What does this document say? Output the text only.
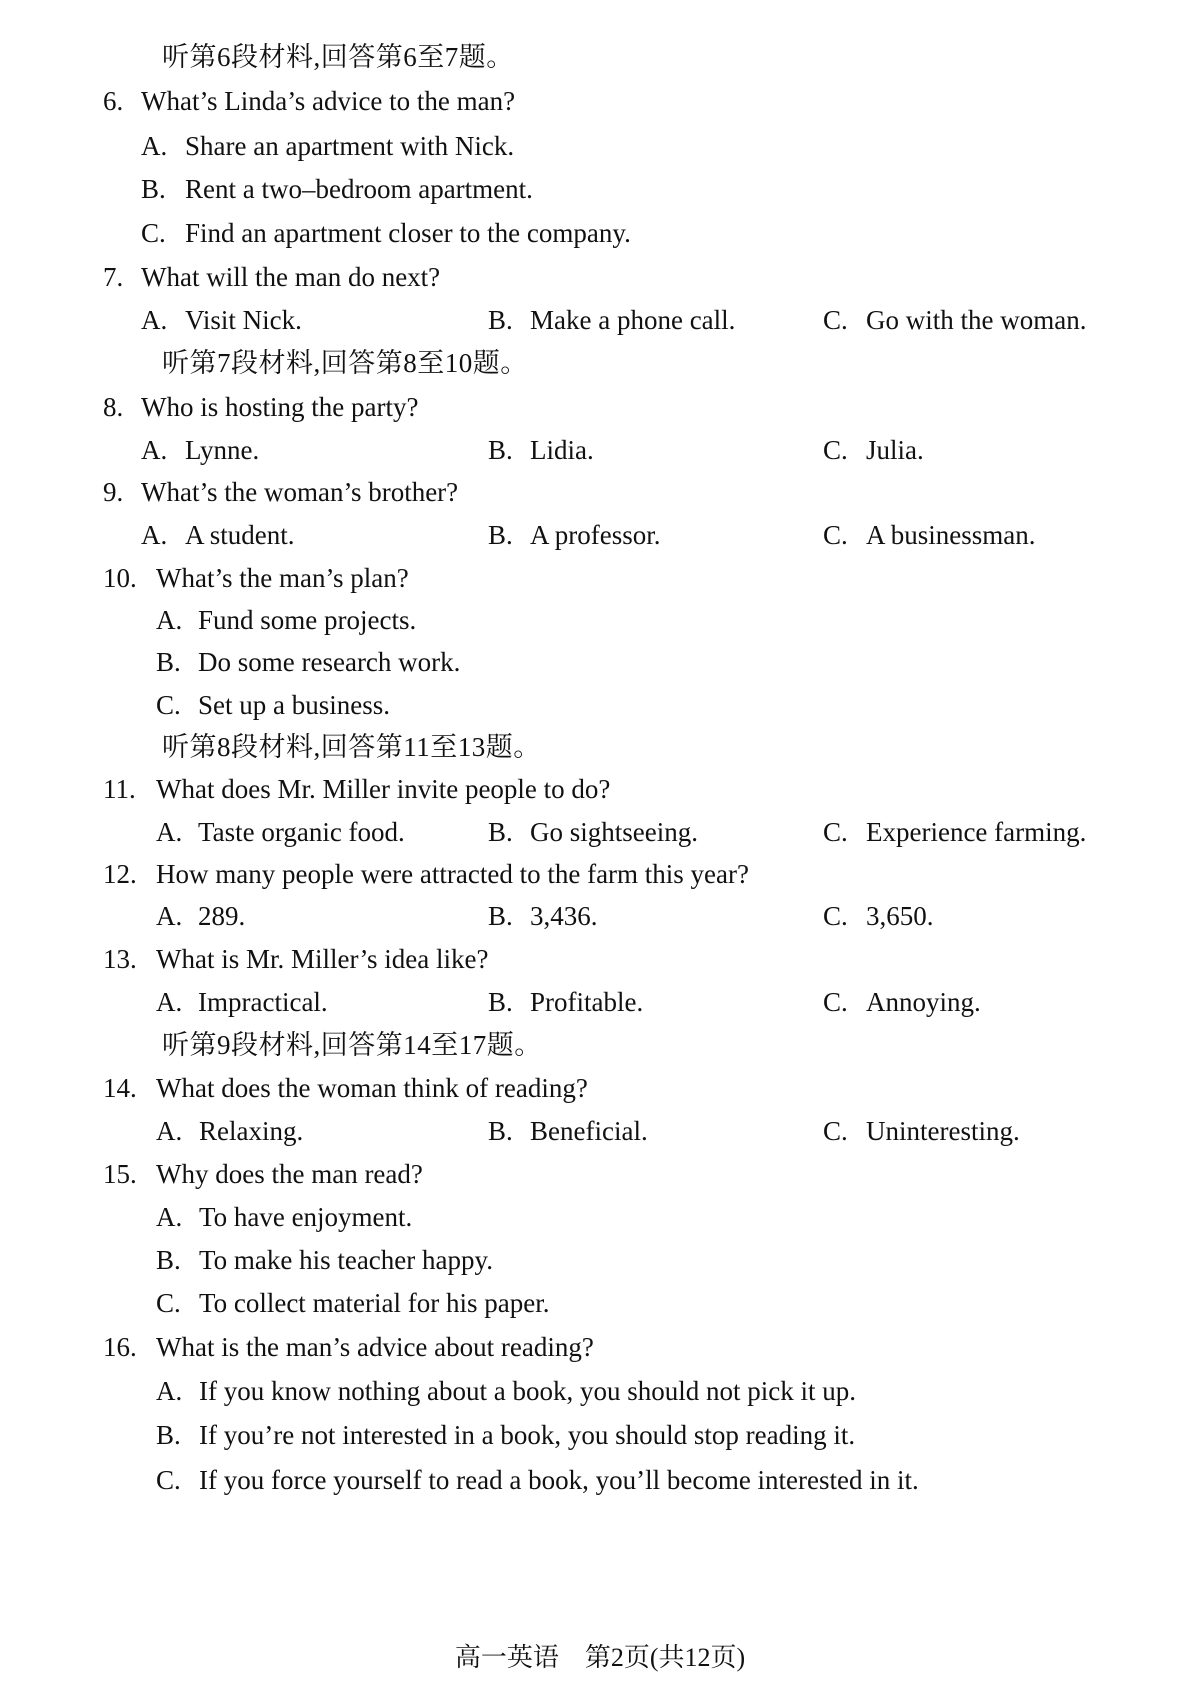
听第6段材料,回答第6至7题。
6. What’s Linda’s advice to the man?
A. Share an apartment with Nick.
B. Rent a two–bedroom apartment.
C. Find an apartment closer to the company.
7. What will the man do next?
A. Visit Nick.	B. Make a phone call.	C. Go with the woman.
听第7段材料,回答第8至10题。
8. Who is hosting the party?
A. Lynne.	B. Lidia.	C. Julia.
9. What’s the woman’s brother?
A. A student.	B. A professor.	C. A businessman.
10. What’s the man’s plan?
A. Fund some projects.
B. Do some research work.
C. Set up a business.
听第8段材料,回答第11至13题。
11. What does Mr. Miller invite people to do?
A. Taste organic food.	B. Go sightseeing.	C. Experience farming.
12. How many people were attracted to the farm this year?
A. 289.	B. 3,436.	C. 3,650.
13. What is Mr. Miller’s idea like?
A. Impractical.	B. Profitable.	C. Annoying.
听第9段材料,回答第14至17题。
14. What does the woman think of reading?
A. Relaxing.	B. Beneficial.	C. Uninteresting.
15. Why does the man read?
A. To have enjoyment.
B. To make his teacher happy.
C. To collect material for his paper.
16. What is the man’s advice about reading?
A. If you know nothing about a book, you should not pick it up.
B. If you’re not interested in a book, you should stop reading it.
C. If you force yourself to read a book, you’ll become interested in it.
高一英语　第2页(共12页)
